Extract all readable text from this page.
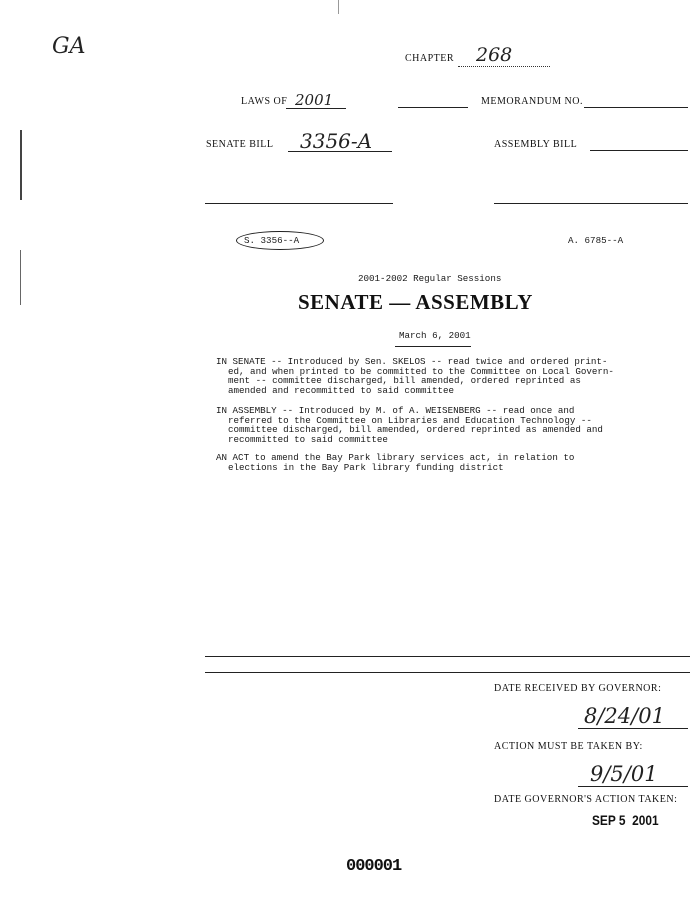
GA	CHAPTER 268
LAWS OF 2001	MEMORANDUM NO.
SENATE BILL 3356-A	ASSEMBLY BILL
S. 3356--A	A. 6785--A
2001-2002 Regular Sessions
SENATE — ASSEMBLY
March 6, 2001
IN SENATE -- Introduced by Sen. SKELOS -- read twice and ordered print-
ed, and when printed to be committed to the Committee on Local Govern-
ment -- committee discharged, bill amended, ordered reprinted as
amended and recommitted to said committee
IN ASSEMBLY -- Introduced by M. of A. WEISENBERG -- read once and
referred to the Committee on Libraries and Education Technology --
committee discharged, bill amended, ordered reprinted as amended and
recommitted to said committee
AN ACT to amend the Bay Park library services act, in relation to
elections in the Bay Park library funding district
DATE RECEIVED BY GOVERNOR:
8/24/01
ACTION MUST BE TAKEN BY:
9/5/01
DATE GOVERNOR'S ACTION TAKEN:
SEP 5  2001
000001
